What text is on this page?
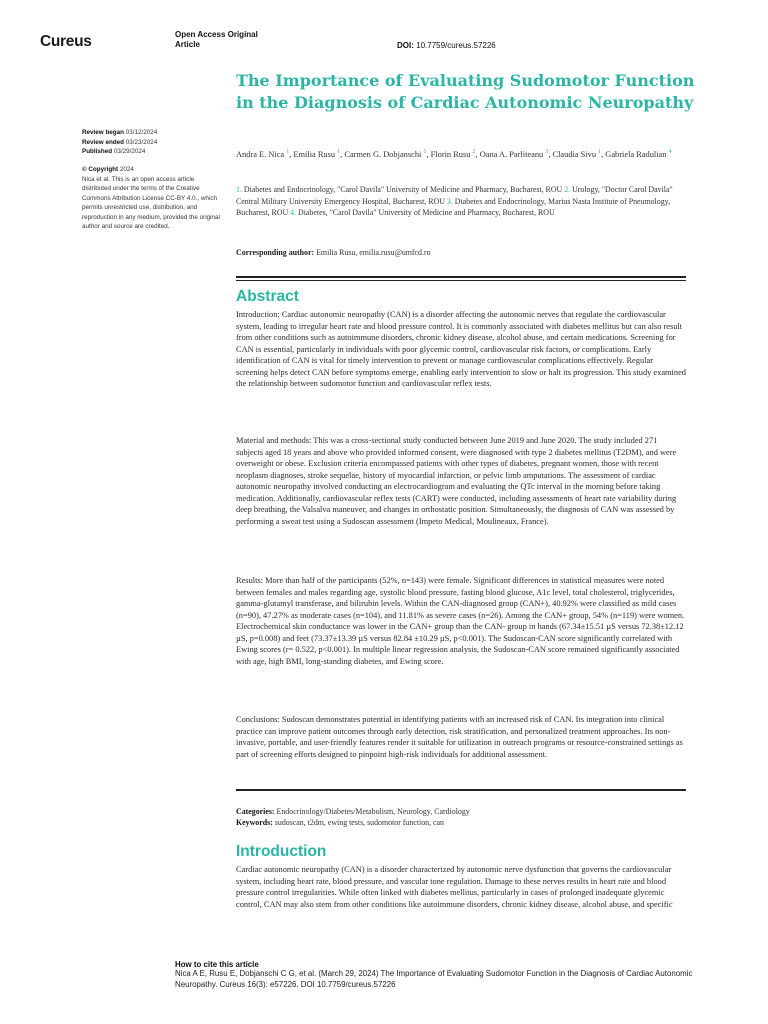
Cureus	Open Access Original
Article	DOI: 10.7759/cureus.57226
The Importance of Evaluating Sudomotor Function in the Diagnosis of Cardiac Autonomic Neuropathy
Review began 03/12/2024
Review ended 03/23/2024
Published 03/29/2024
© Copyright 2024
Nica et al. This is an open access article distributed under the terms of the Creative Commons Attribution License CC-BY 4.0., which permits unrestricted use, distribution, and reproduction in any medium, provided the original author and source are credited.
Andra E. Nica $^1$, Emilia Rusu $^1$, Carmen G. Dobjanschi $^1$, Florin Rusu $^2$, Oana A. Parliteanu $^3$, Claudia Sivu $^1$, Gabriela Radulian $^4$
1. Diabetes and Endocrinology, "Carol Davila" University of Medicine and Pharmacy, Bucharest, ROU 2. Urology, "Doctor Carol Davila" Central Military University Emergency Hospital, Bucharest, ROU 3. Diabetes and Endocrinology, Marius Nasta Institute of Pneumology, Bucharest, ROU 4. Diabetes, "Carol Davila" University of Medicine and Pharmacy, Bucharest, ROU
Corresponding author: Emilia Rusu, emilia.rusu@umfcd.ro
Abstract
Introduction: Cardiac autonomic neuropathy (CAN) is a disorder affecting the autonomic nerves that regulate the cardiovascular system, leading to irregular heart rate and blood pressure control. It is commonly associated with diabetes mellitus but can also result from other conditions such as autoimmune disorders, chronic kidney disease, alcohol abuse, and certain medications. Screening for CAN is essential, particularly in individuals with poor glycemic control, cardiovascular risk factors, or complications. Early identification of CAN is vital for timely intervention to prevent or manage cardiovascular complications effectively. Regular screening helps detect CAN before symptoms emerge, enabling early intervention to slow or halt its progression. This study examined the relationship between sudomotor function and cardiovascular reflex tests.
Material and methods: This was a cross-sectional study conducted between June 2019 and June 2020. The study included 271 subjects aged 18 years and above who provided informed consent, were diagnosed with type 2 diabetes mellitus (T2DM), and were overweight or obese. Exclusion criteria encompassed patients with other types of diabetes, pregnant women, those with recent neoplasm diagnoses, stroke sequelae, history of myocardial infarction, or pelvic limb amputations. The assessment of cardiac autonomic neuropathy involved conducting an electrocardiogram and evaluating the QTc interval in the morning before taking medication. Additionally, cardiovascular reflex tests (CART) were conducted, including assessments of heart rate variability during deep breathing, the Valsalva maneuver, and changes in orthostatic position. Simultaneously, the diagnosis of CAN was assessed by performing a sweat test using a Sudoscan assessment (Impeto Medical, Moulineaux, France).
Results: More than half of the participants (52%, n=143) were female. Significant differences in statistical measures were noted between females and males regarding age, systolic blood pressure, fasting blood glucose, A1c level, total cholesterol, triglycerides, gamma-glutamyl transferase, and bilirubin levels. Within the CAN-diagnosed group (CAN+), 40.92% were classified as mild cases (n=90), 47.27% as moderate cases (n=104), and 11.81% as severe cases (n=26). Among the CAN+ group, 54% (n=119) were women. Electrochemical skin conductance was lower in the CAN+ group than the CAN- group in hands (67.34±15.51 µS versus 72.38±12.12 µS, p=0.008) and feet (73.37±13.39 µS versus 82.84 ±10.29 µS, p<0.001). The Sudoscan-CAN score significantly correlated with Ewing scores (r= 0.522, p<0.001). In multiple linear regression analysis, the Sudoscan-CAN score remained significantly associated with age, high BMI, long-standing diabetes, and Ewing score.
Conclusions: Sudoscan demonstrates potential in identifying patients with an increased risk of CAN. Its integration into clinical practice can improve patient outcomes through early detection, risk stratification, and personalized treatment approaches. Its non-invasive, portable, and user-friendly features render it suitable for utilization in outreach programs or resource-constrained settings as part of screening efforts designed to pinpoint high-risk individuals for additional assessment.
Categories: Endocrinology/Diabetes/Metabolism, Neurology, Cardiology
Keywords: sudoscan, t2dm, ewing tests, sudomotor function, can
Introduction
Cardiac autonomic neuropathy (CAN) is a disorder characterized by autonomic nerve dysfunction that governs the cardiovascular system, including heart rate, blood pressure, and vascular tone regulation. Damage to these nerves results in heart rate and blood pressure control irregularities. While often linked with diabetes mellitus, particularly in cases of prolonged inadequate glycemic control, CAN may also stem from other conditions like autoimmune disorders, chronic kidney disease, alcohol abuse, and specific
How to cite this article
Nica A E, Rusu E, Dobjanschi C G, et al. (March 29, 2024) The Importance of Evaluating Sudomotor Function in the Diagnosis of Cardiac Autonomic Neuropathy. Cureus 16(3): e57226. DOI 10.7759/cureus.57226
